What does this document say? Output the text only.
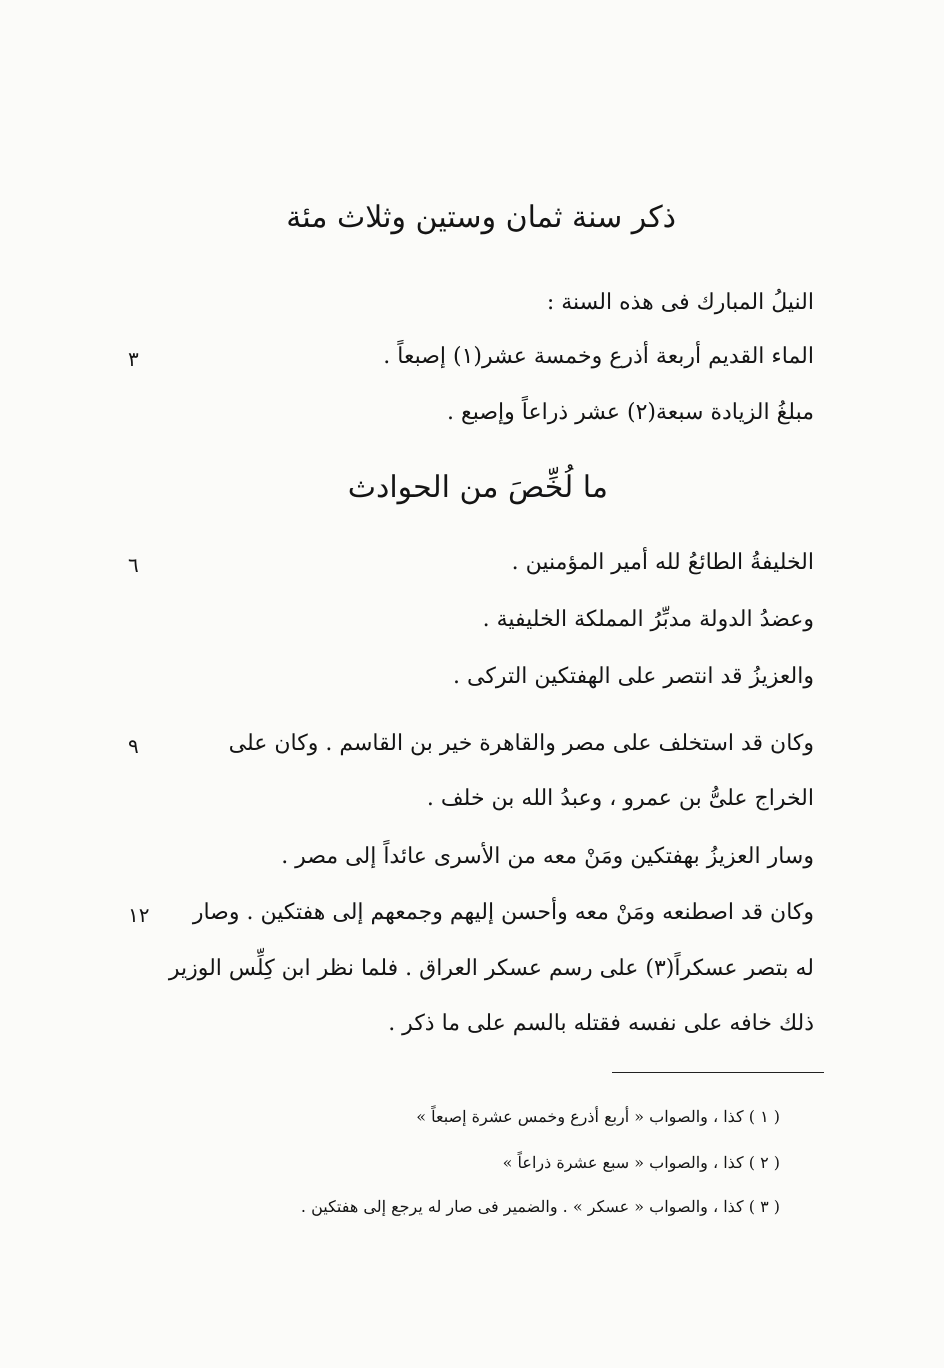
ذكر سنة ثمان وستين وثلاث مئة
النيلُ المبارك فى هذه السنة :
الماء القديم أربعة أذرع وخمسة عشر(١) إصبعاً .
مبلغُ الزيادة سبعة(٢) عشر ذراعاً وإصبع .
ما لُخِّصَ من الحوادث
الخليفةُ الطائعُ لله أمير المؤمنين .
وعضدُ الدولة مدبِّرُ المملكة الخليفية .
والعزيزُ قد انتصر على الهفتكين التركى .
وكان قد استخلف على مصر والقاهرة خير بن القاسم . وكان على
الخراج علىُّ بن عمرو ، وعبدُ الله بن خلف .
وسار العزيزُ بهفتكين ومَنْ معه من الأسرى عائداً إلى مصر .
وكان قد اصطنعه ومَنْ معه وأحسن إليهم وجمعهم إلى هفتكين . وصار
له بتصر عسكراً(٣) على رسم عسكر العراق . فلما نظر ابن كِلِّس الوزير
ذلك خافه على نفسه فقتله بالسم على ما ذكر .
٣
٦
٩
١٢
( ١ ) كذا ، والصواب « أربع أذرع وخمس عشرة إصبعاً »
( ٢ ) كذا ، والصواب « سبع عشرة ذراعاً »
( ٣ ) كذا ، والصواب « عسكر » . والضمير فى صار له يرجع إلى هفتكين .
